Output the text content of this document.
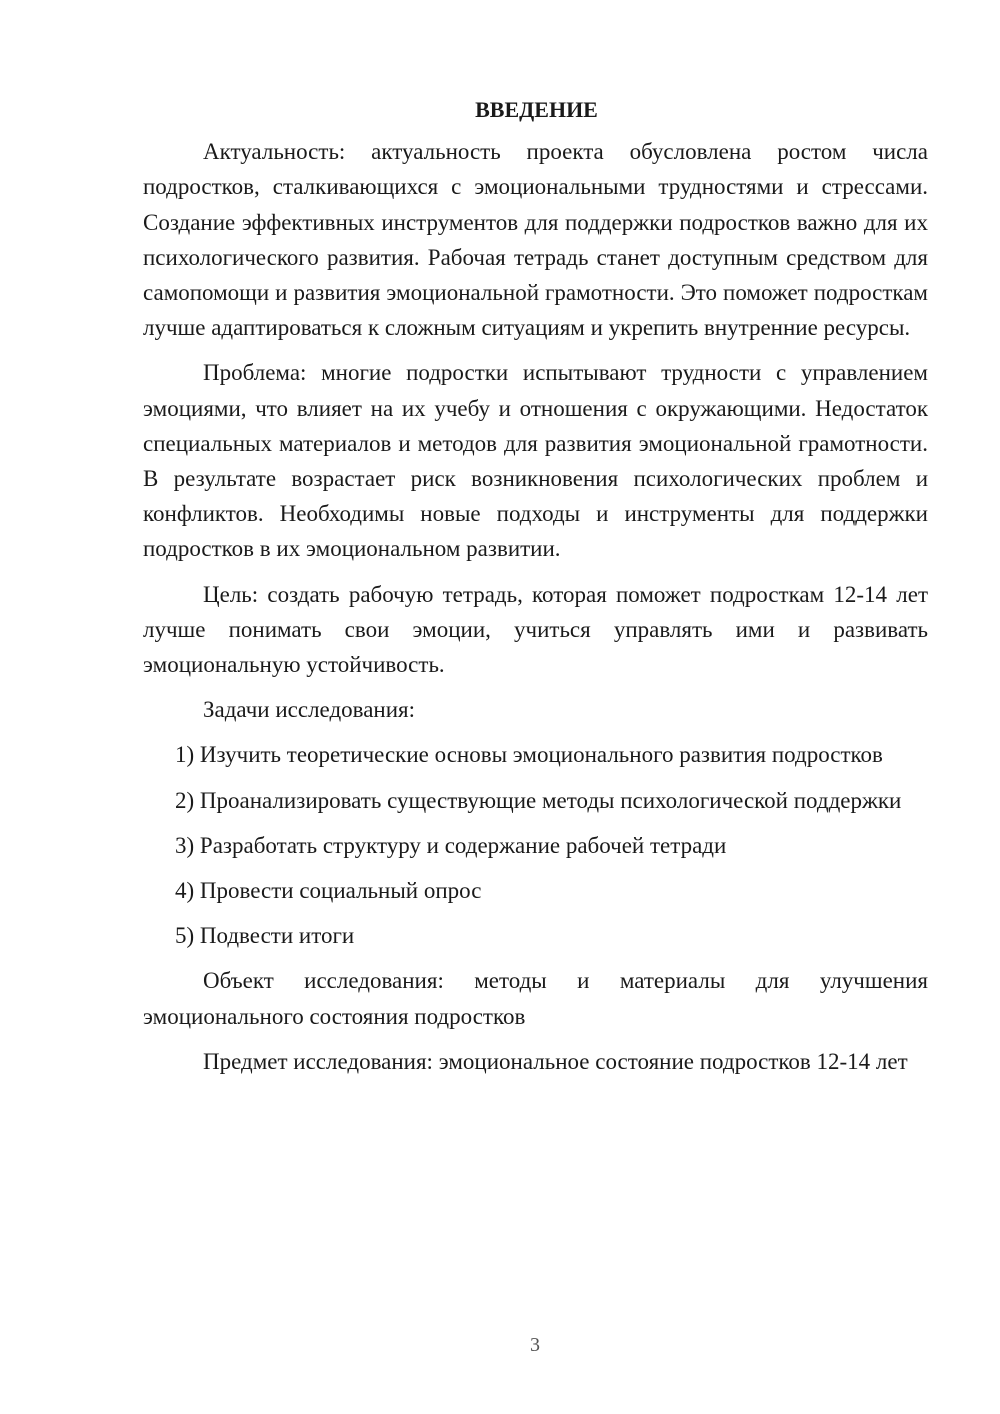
ВВЕДЕНИЕ

Актуальность: актуальность проекта обусловлена ростом числа подростков, сталкивающихся с эмоциональными трудностями и стрессами. Создание эффективных инструментов для поддержки подростков важно для их психологического развития. Рабочая тетрадь станет доступным средством для самопомощи и развития эмоциональной грамотности. Это поможет подросткам лучше адаптироваться к сложным ситуациям и укрепить внутренние ресурсы.

Проблема: многие подростки испытывают трудности с управлением эмоциями, что влияет на их учебу и отношения с окружающими. Недостаток специальных материалов и методов для развития эмоциональной грамотности. В результате возрастает риск возникновения психологических проблем и конфликтов. Необходимы новые подходы и инструменты для поддержки подростков в их эмоциональном развитии.

Цель: создать рабочую тетрадь, которая поможет подросткам 12-14 лет лучше понимать свои эмоции, учиться управлять ими и развивать эмоциональную устойчивость.

Задачи исследования:

1) Изучить теоретические основы эмоционального развития подростков

2) Проанализировать существующие методы психологической поддержки

3) Разработать структуру и содержание рабочей тетради

4) Провести социальный опрос

5) Подвести итоги

Объект исследования: методы и материалы для улучшения эмоционального состояния подростков

Предмет исследования: эмоциональное состояние подростков 12-14 лет

3
